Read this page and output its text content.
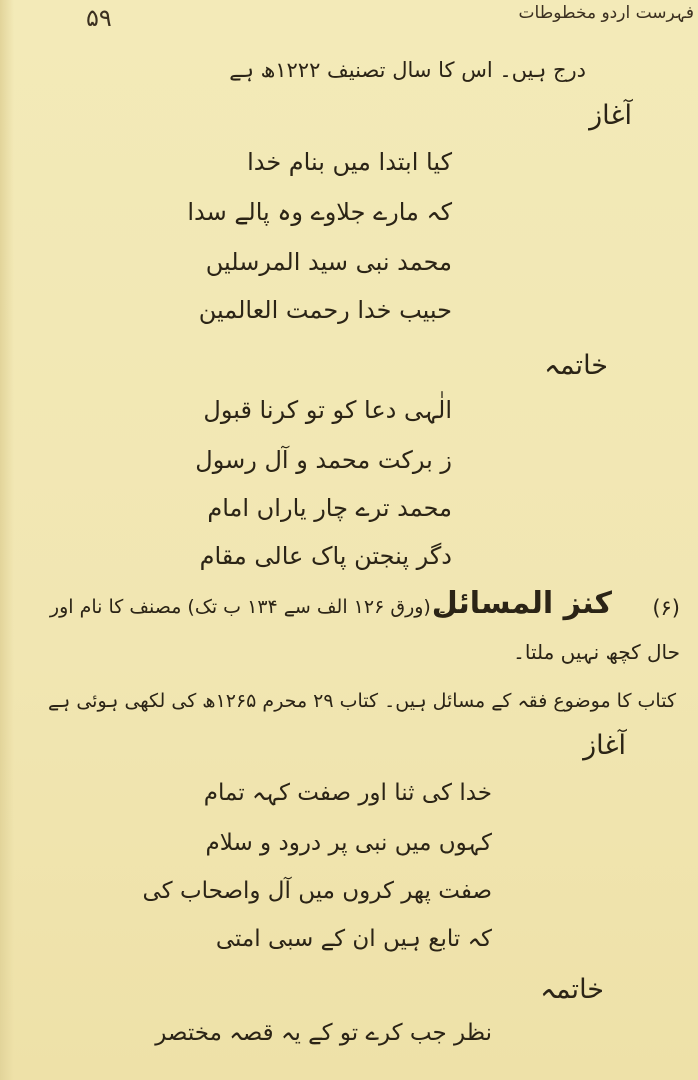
۵۹	فہرست اردو مخطوطات
درج ہیں۔ اس کا سال تصنیف ۱۲۲۲ھ ہے
آغاز
کیا ابتدا میں بنام خدا
کہ مارے جلاوے وہ پالے سدا
محمد نبی سید المرسلیں
حبیب خدا رحمت العالمین
خاتمہ
الٰہی دعا کو تو کرنا قبول
ز برکت محمد و آل رسول
محمد ترے چار یاراں امام
دگر پنجتن پاک عالی مقام
(۶)
کنز المسائل
۔ (ورق ۱۲۶ الف سے ۱۳۴ ب تک) مصنف کا نام اور
حال کچھ نہیں ملتا۔
کتاب کا موضوع فقہ کے مسائل ہیں۔ کتاب ۲۹ محرم ۱۲۶۵ھ کی لکھی ہوئی ہے
آغاز
خدا کی ثنا اور صفت کہہ تمام
کہوں میں نبی پر درود و سلام
صفت پھر کروں میں آل واصحاب کی
کہ تابع ہیں ان کے سبی امتی
خاتمہ
نظر جب کرے تو کے یہ قصہ مختصر
